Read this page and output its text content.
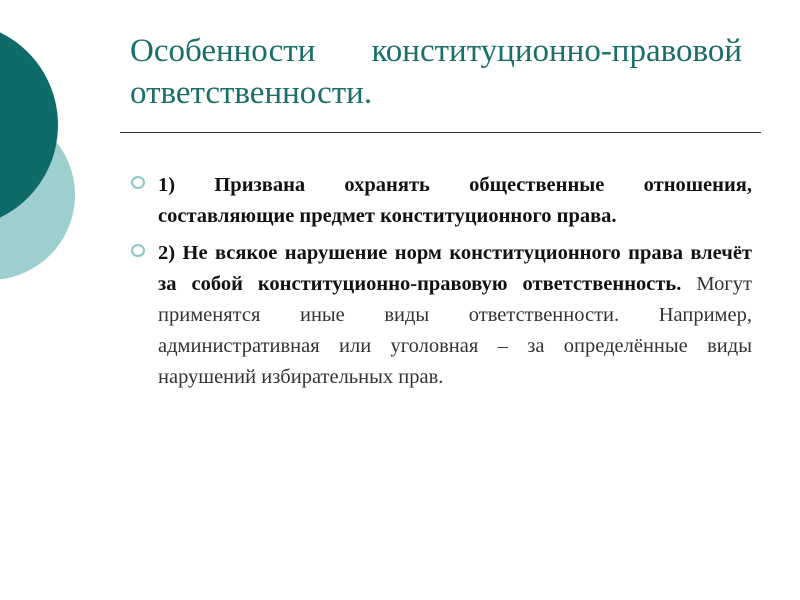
Особенности конституционно-правовой ответственности.
1) Призвана охранять общественные отношения, составляющие предмет конституционного права.
2) Не всякое нарушение норм конституционного права влечёт за собой конституционно-правовую ответственность. Могут применятся иные виды ответственности. Например, административная или уголовная – за определённые виды нарушений избирательных прав.
